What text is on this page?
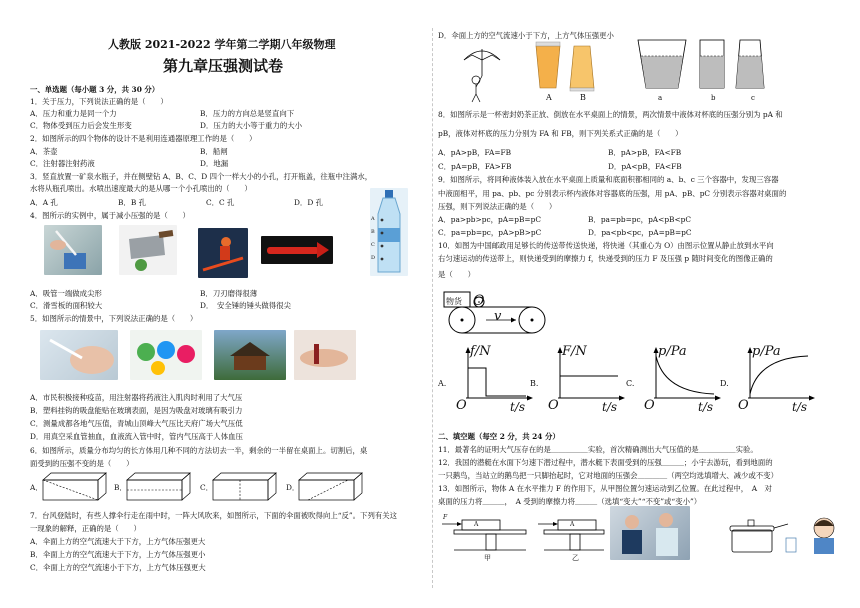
人教版 2021-2022 学年第二学期八年级物理
第九章压强测试卷
一、单选题（每小题 3 分，共 30 分）
1．关于压力，下列说法正确的是（　　）
A．压力和重力是同一个力	B．压力的方向总是竖直向下
C．物体受到压力后会发生形变	D．压力的大小等于重力的大小
2．如图所示的四个物体的设计不是利用连通器原理工作的是（　　）
A．茶壶	B．船闸
C．注射器注射药液	D．地漏
3．竖直放置一矿泉水瓶子，并在侧壁钻 A、B、C、D 四个一样大小的小孔，打开瓶盖，往瓶中注满水，
水将从瓶孔喷出。水喷出速度最大的是从哪一个小孔喷出的（　　）
A．A 孔	B．B 孔	C．C 孔	D．D 孔
A
B
C
D
4．图所示的实例中，属于减小压强的是（　　）
A．吸管一端做成尖形	B．刀刃磨得很薄
C．滑雪板的面积较大	D．　安全锤的锤头做得很尖
5．如图所示的情景中，下列说法正确的是（　　）
A．市民积极接种疫苗，用注射器将药液注入肌肉时利用了大气压
B．塑料挂钩的吸盘能贴在玻璃表面，是因为吸盘对玻璃有吸引力
C．测量成都各地气压值，青城山顶峰大气压比天府广场大气压低
D．用真空采血管抽血，血液流入管中时，管内气压高于人体血压
6．如图所示，质量分布均匀的长方体用几种不同的方法切去一半，剩余的一半留在桌面上。切割后，桌
面受到的压强不变的是（　　）
A．	B．	C．	D．
7．台风登陆时，有些人撑伞行走在雨中时，一阵大风吹来，如图所示，下面的伞面被吹得向上“反”。下列有关这
一现象的解释，正确的是（　　）
A．伞面上方的空气流速大于下方，上方气体压强更大
B．伞面上方的空气流速大于下方，上方气体压强更小
C．伞面上方的空气流速小于下方，上方气体压强更大
D．伞面上方的空气流速小于下方，上方气体压强更小
A	B	a	b	c
8．如图所示是一杯密封奶茶正放、倒放在水平桌面上的情景，两次情景中液体对杯底的压强分别为 pA 和
pB，液体对杯底的压力分别为 FA 和 FB，则下列关系式正确的是（　　）
A．pA>pB，FA=FB	B．pA>pB，FA<FB
C．pA=pB，FA>FB	D．pA<pB，FA<FB
9．如图所示，将同种液体装入放在水平桌面上质量和底面积都相同的 a、b、c 三个容器中，发现三容器
中液面相平，用 pa、pb、pc 分别表示杯内液体对容器底的压强，用 pA、pB、pC 分别表示容器对桌面的
压强，则下列说法正确的是（　　）
A．pa>pb>pc，pA=pB=pC	B．pa=pb=pc，pA<pB<pC
C．pa=pb=pc，pA>pB>pC	D．pa<pb<pc，pA=pB=pC
10．如图为中国邮政用足够长的传送带传送快递，将快递（其重心为 O）由图示位置从静止放到水平向
右匀速运动的传送带上，则快递受到的摩擦力 f，快递受到的压力 F 及压强 p 随时间变化的图像正确的
是（　　）
物货 O
v
A.
f/N
t/s
O
B.
F/N
t/s
O
C.
p/Pa
t/s
O
D.
p/Pa
t/s
O
二、填空题（每空 2 分，共 24 分）
11．最著名的证明大气压存在的是＿＿＿＿＿实验，首次精确测出大气压值的是＿＿＿＿＿实验。
12．我国的潜艇在水面下匀速下潜过程中，潜水艇下表面受到的压强＿＿＿；小宇去游玩，看到地面的
一只鹅鸟，当站立的鹅鸟把一只脚抬起时，它对地面的压强会＿＿＿＿（两空均选填增大、减少或不变）
13．如图所示，物体 A 在水平推力 F 的作用下，从甲图位置匀速运动到乙位置。在此过程中，　A　对
桌面的压力将＿＿＿，　A 受到的摩擦力将＿＿＿（选填“变大”“不变”或“变小”）
F
A	A
甲	乙
